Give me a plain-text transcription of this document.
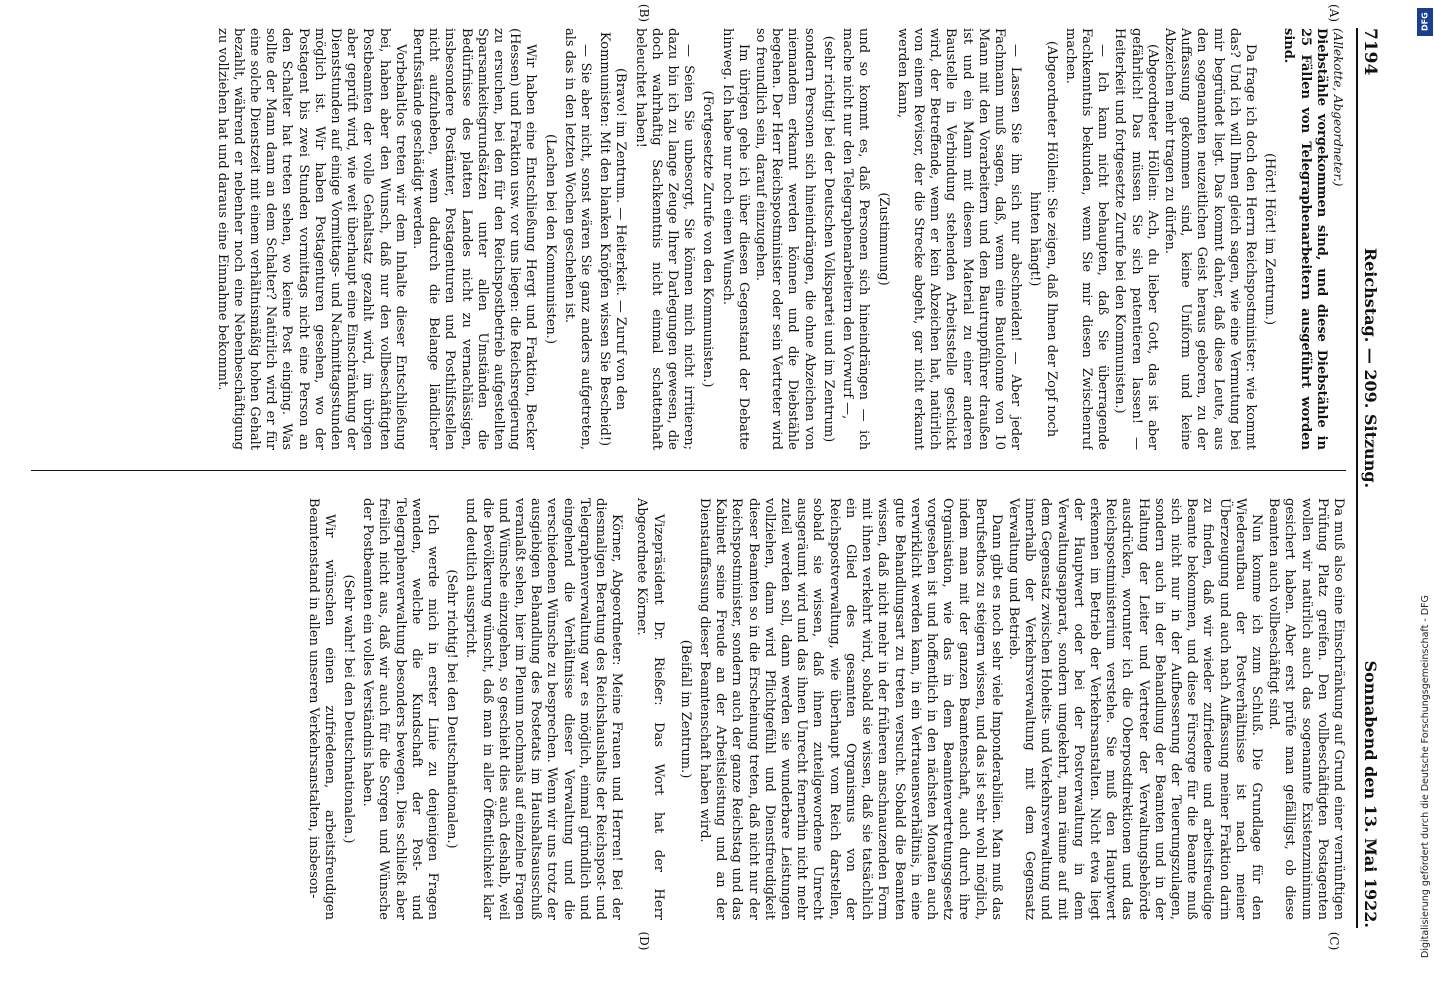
7194
Reichstag. — 209. Sitzung.
Sonnabend den 13. Mai 1922.
(A)
(B)
(C)
(D)

(Allekotte, Abgeordneter.)

Diebstähle vorgekommen sind, und diese Diebstähle in 25 Fällen von Telegraphenarbeitern ausgeführt worden sind.

(Hört! Hört! im Zentrum.)

Da frage ich doch den Herrn Reichspostminister: wie kommt das? Und ich will Ihnen gleich sagen, wie eine Vermutung bei mir begründet liegt. Das kommt daher, daß diese Leute, aus den sogenannten neuzeitlichen Geist heraus geboren, zu der Auffassung gekommen sind, keine Uniform und keine Abzeichen mehr tragen zu dürfen.

(Abgeordneter Höllein: Ach, du lieber Gott, das ist aber gefährlich! Das müssen Sie sich patentieren lassen! — Heiterkeit und fortgesetzte Zurufe bei den Kommunisten.)

— Ich kann nicht behaupten, daß Sie überragende Fachkenntnis bekunden, wenn Sie mir diesen Zwischenruf machen.

(Abgeordneter Höllein: Sie zeigen, daß Ihnen der Zopf noch hinten hängt!)

— Lassen Sie ihn sich nur abschneiden! — Aber jeder Fachmann muß sagen, daß, wenn eine Bautolonne von 10 Mann mit den Vorarbeitern und dem Bautruppführer draußen ist und ein Mann mit diesem Material zu einer anderen Baustelle in Verbindung stehenden Arbeitsstelle geschickt wird, der Betreffende, wenn er kein Abzeichen hat, natürlich von einem Revisor, der die Strecke abgeht, gar nicht erkannt werden kann,

(Zustimmung)

und so kommt es, daß Personen sich hineindrängen — ich mache nicht nur den Telegraphenarbeitern den Vorwurf —,

(sehr richtig! bei der Deutschen Volkspartei und im Zentrum)

sondern Personen sich hineindrängen, die ohne Abzeichen von niemandem erkannt werden können und die Diebstähle begehen. Der Herr Reichspostminister oder sein Vertreter wird so freundlich sein, darauf einzugehen.

Im übrigen gehe ich über diesen Gegenstand der Debatte hinweg. Ich habe nur noch einen Wunsch.

(Fortgesetzte Zurufe von den Kommunisten.)

— Seien Sie unbesorgt, Sie können mich nicht irritieren; dazu bin ich zu lange Zeuge Ihrer Darlegungen gewesen, die doch wahrhaftig Sachkenntnis nicht einmal schattenhaft beleuchtet haben!

(Bravo! im Zentrum. — Heiterkeit. — Zuruf von den Kommunisten: Mit den blanken Knöpfen wissen Sie Bescheid!)

— Sie aber nicht, sonst wären Sie ganz anders aufgetreten, als das in den letzten Wochen geschehen ist.

(Lachen bei den Kommunisten.)

Wir haben eine Entschließung Hergt und Fraktion, Becker (Hessen) und Fraktion usw. vor uns liegen: die Reichsregierung zu ersuchen, bei den für den Reichspostbetrieb aufgestellten Sparsamkeitsgrundsätzen unter allen Umständen die Bedürfnisse des platten Landes nicht zu vernachlässigen, insbesondere Postämter, Postagenturen und Posthilfsstellen nicht aufzuheben, wenn dadurch die Belange ländlicher Berufsstände geschädigt werden.

Vorbehaltlos treten wir dem Inhalte dieser Entschließung bei, haben aber den Wunsch, daß nur den vollbeschäftigten Postbeamten der volle Gehaltsatz gezahlt wird, im übrigen aber geprüft wird, wie weit überhaupt eine Einschränkung der Dienststunden auf einige Vormittags- und Nachmittagsstunden möglich ist. Wir haben Postagenturen gesehen, wo der Postagent bis zwei Stunden vormittags nicht eine Person an den Schalter hat treten sehen, wo keine Post einging. Was sollte der Mann dann an dem Schalter? Natürlich wird er für eine solche Dienstzeit mit einem verhältnismäßig hohen Gehalt bezahlt, während er nebenher noch eine Nebenbeschäftigung zu vollziehen hat und daraus eine Einnahme bekommt.

Da muß also eine Einschränkung auf Grund einer vernünftigen Prüfung Platz greifen. Den vollbeschäftigten Postagenten wollen wir natürlich auch das sogenannte Existenzminimum gesichert haben. Aber erst prüfe man gefälligst, ob diese Beamten auch vollbeschäftigt sind.

Nun komme ich zum Schluß. Die Grundlage für den Wiederaufbau der Postverhältnisse ist nach meiner Überzeugung und auch nach Auffassung meiner Fraktion darin zu finden, daß wir wieder zufriedene und arbeitsfreudige Beamte bekommen, und diese Fürsorge für die Beamte muß sich nicht nur in der Aufbesserung der Teuerungszulagen, sondern auch in der Behandlung der Beamten und in der Haltung der Leiter und Vertreter der Verwaltungsbehörde ausdrücken, worunter ich die Oberpostdirektionen und das Reichspostministerium verstehe. Sie muß den Hauptwert erkennen im Betrieb der Verkehrsanstalten. Nicht etwa liegt der Hauptwert oder bei der Postverwaltung in dem Verwaltungsapparat, sondern umgekehrt, man räume auf mit dem Gegensatz zwischen Hoheits- und Verkehrsverwaltung und innerhalb der Verkehrsverwaltung mit dem Gegensatz Verwaltung und Betrieb.

Dann gibt es noch sehr viele Imponderabilien. Man muß das Berufsethos zu steigern wissen, und das ist sehr wohl möglich, indem man mit der ganzen Beamtenschaft, auch durch ihre Organisation, wie das in dem Beamtenvertretungsgesetz vorgesehen ist und hoffentlich in den nächsten Monaten auch verwirklicht werden kann, in ein Vertrauensverhältnis, in eine gute Behandlungsart zu treten versucht. Sobald die Beamten wissen, daß nicht mehr in der früheren anschnauzenden Form mit ihnen verkehrt wird, sobald sie wissen, daß sie tatsächlich ein Glied des gesamten Organismus von der Reichspostverwaltung, wie überhaupt vom Reich darstellen, sobald sie wissen, daß ihnen zuteilgewordene Unrecht ausgeräumt wird und das ihnen Unrecht fernerhin nicht mehr zuteil werden soll, dann werden sie wunderbare Leistungen vollziehen, dann wird Pflichtgefühl und Dienstfreudigkeit dieser Beamten so in die Erscheinung treten, daß nicht nur der Reichspostminister, sondern auch der ganze Reichstag und das Kabinett seine Freude an der Arbeitsleistung und an der Dienstauffassung dieser Beamtenschaft haben wird.

(Beifall im Zentrum.)

Vizepräsident Dr. Rießer: Das Wort hat der Herr Abgeordnete Körner.

Körner, Abgeordneter: Meine Frauen und Herren! Bei der diesmaligen Beratung des Reichshaushalts der Reichspost- und Telegraphenverwaltung war es möglich, einmal gründlich und eingehend die Verhältnisse dieser Verwaltung und die verschiedenen Wünsche zu besprechen. Wenn wir uns trotz der ausgiebigen Behandlung des Postetats im Haushaltsausschuß veranlaßt sehen, hier im Plenum nochmals auf einzelne Fragen und Wünsche einzugehen, so geschieht dies auch deshalb, weil die Bevölkerung wünscht, daß man in aller Öffentlichkeit klar und deutlich ausspricht.

(Sehr richtig! bei den Deutschnationalen.)

Ich werde mich in erster Linie zu denjenigen Fragen wenden, welche die Kundschaft der Post- und Telegraphenverwaltung besonders bewegen. Dies schließt aber freilich nicht aus, daß wir auch für die Sorgen und Wünsche der Postbeamten ein volles Verständnis haben.

(Sehr wahr! bei den Deutschnationalen.)

Wir wünschen einen zufriedenen, arbeitsfreudigen Beamtenstand in allen unseren Verkehrsanstalten, insbeson-	Digitalisierung gefördert durch die Deutsche Forschungsgemeinschaft - DFG
DFG
